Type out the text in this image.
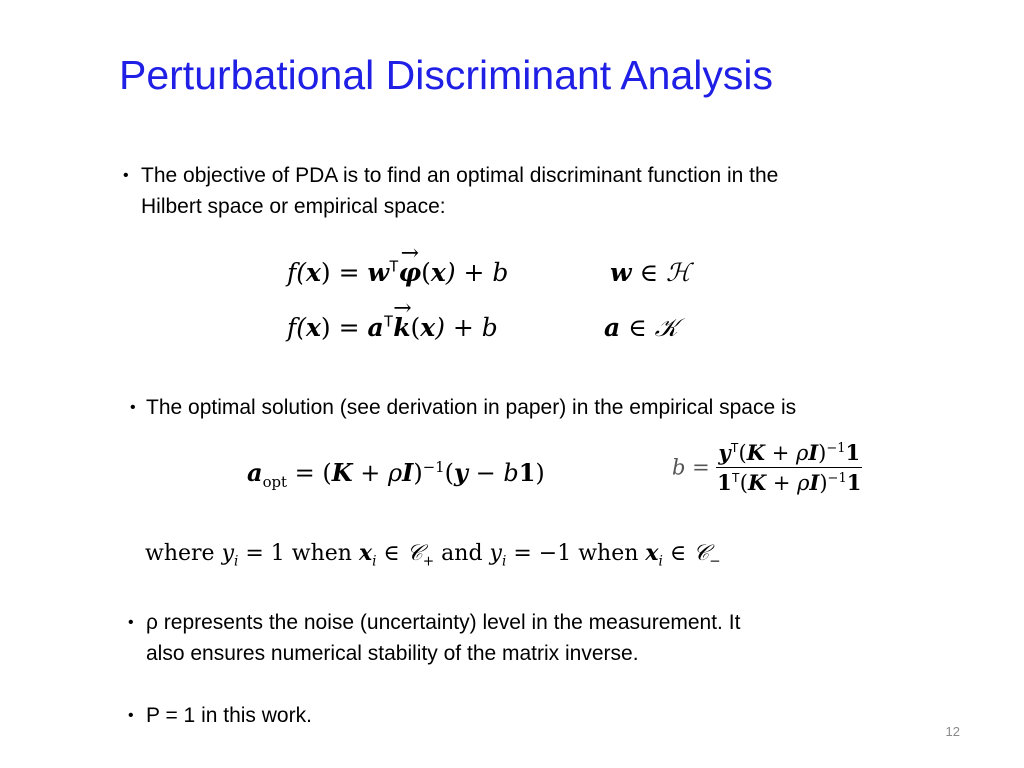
Perturbational Discriminant Analysis
• The objective of PDA is to find an optimal discriminant function in the
Hilbert space or empirical space:
$f(x) = w^T\to \varphi(x) + b$	w ∈ ℋ
$f(x) = a^T\to k(x) + b$	a ∈ 𝒦
• The optimal solution (see derivation in paper) in the empirical space is
$a_{opt} = (K + \rho I)^{-1}(y - b1)$	$b = \frac{y^T(K + \rho I)^{-1}1}{1^T(K + \rho I)^{-1}1}$
where $y_i = 1$ when $x_i$ ∈ 𝒞$_+$ and $y_i = -1$ when $x_i$ ∈ 𝒞$_-$
• ρ represents the noise (uncertainty) level in the measurement. It
also ensures numerical stability of the matrix inverse.
• P = 1 in this work.
12
